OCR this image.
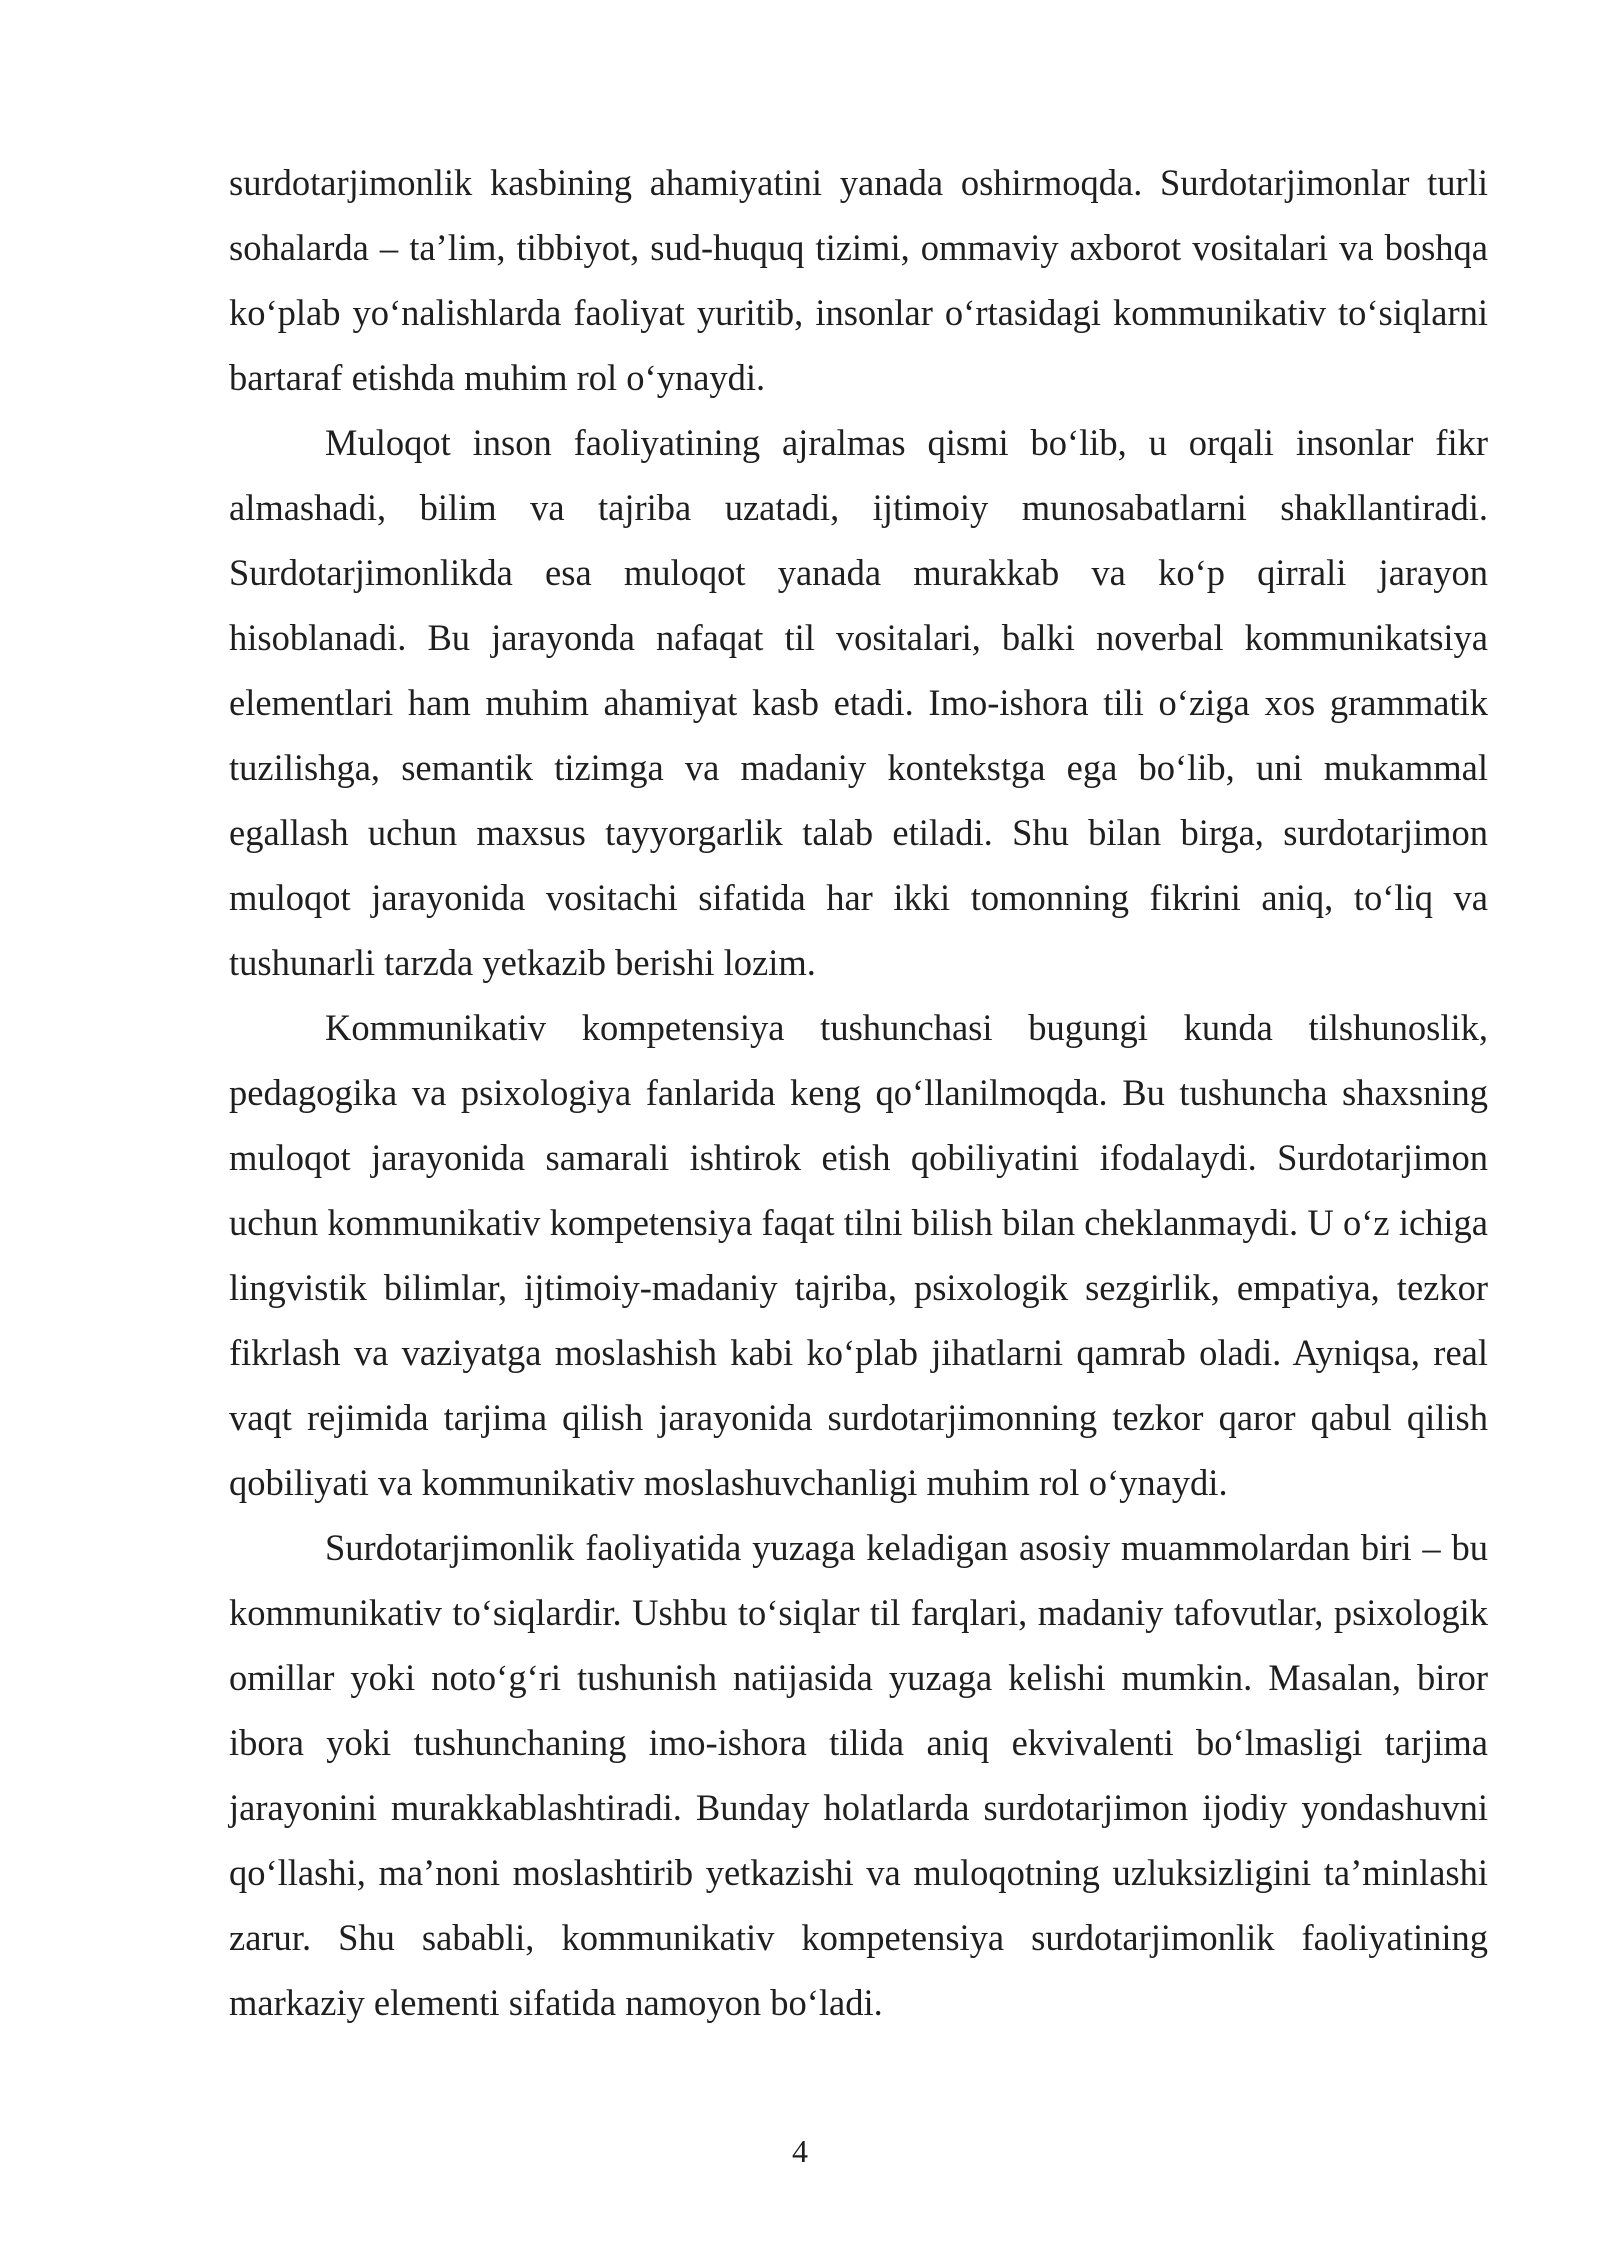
surdotarjimonlik kasbining ahamiyatini yanada oshirmoqda. Surdotarjimonlar turli sohalarda – ta’lim, tibbiyot, sud-huquq tizimi, ommaviy axborot vositalari va boshqa ko‘plab yo‘nalishlarda faoliyat yuritib, insonlar o‘rtasidagi kommunikativ to‘siqlarni bartaraf etishda muhim rol o‘ynaydi.

Muloqot inson faoliyatining ajralmas qismi bo‘lib, u orqali insonlar fikr almashadi, bilim va tajriba uzatadi, ijtimoiy munosabatlarni shakllantiradi. Surdotarjimonlikda esa muloqot yanada murakkab va ko‘p qirrali jarayon hisoblanadi. Bu jarayonda nafaqat til vositalari, balki noverbal kommunikatsiya elementlari ham muhim ahamiyat kasb etadi. Imo-ishora tili o‘ziga xos grammatik tuzilishga, semantik tizimga va madaniy kontekstga ega bo‘lib, uni mukammal egallash uchun maxsus tayyorgarlik talab etiladi. Shu bilan birga, surdotarjimon muloqot jarayonida vositachi sifatida har ikki tomonning fikrini aniq, to‘liq va tushunarli tarzda yetkazib berishi lozim.

Kommunikativ kompetensiya tushunchasi bugungi kunda tilshunoslik, pedagogika va psixologiya fanlarida keng qo‘llanilmoqda. Bu tushuncha shaxsning muloqot jarayonida samarali ishtirok etish qobiliyatini ifodalaydi. Surdotarjimon uchun kommunikativ kompetensiya faqat tilni bilish bilan cheklanmaydi. U o‘z ichiga lingvistik bilimlar, ijtimoiy-madaniy tajriba, psixologik sezgirlik, empatiya, tezkor fikrlash va vaziyatga moslashish kabi ko‘plab jihatlarni qamrab oladi. Ayniqsa, real vaqt rejimida tarjima qilish jarayonida surdotarjimonning tezkor qaror qabul qilish qobiliyati va kommunikativ moslashuvchanligi muhim rol o‘ynaydi.

Surdotarjimonlik faoliyatida yuzaga keladigan asosiy muammolardan biri – bu kommunikativ to‘siqlardir. Ushbu to‘siqlar til farqlari, madaniy tafovutlar, psixologik omillar yoki noto‘g‘ri tushunish natijasida yuzaga kelishi mumkin. Masalan, biror ibora yoki tushunchaning imo-ishora tilida aniq ekvivalenti bo‘lmasligi tarjima jarayonini murakkablashtiradi. Bunday holatlarda surdotarjimon ijodiy yondashuvni qo‘llashi, ma’noni moslashtirib yetkazishi va muloqotning uzluksizligini ta’minlashi zarur. Shu sababli, kommunikativ kompetensiya surdotarjimonlik faoliyatining markaziy elementi sifatida namoyon bo‘ladi.

4
